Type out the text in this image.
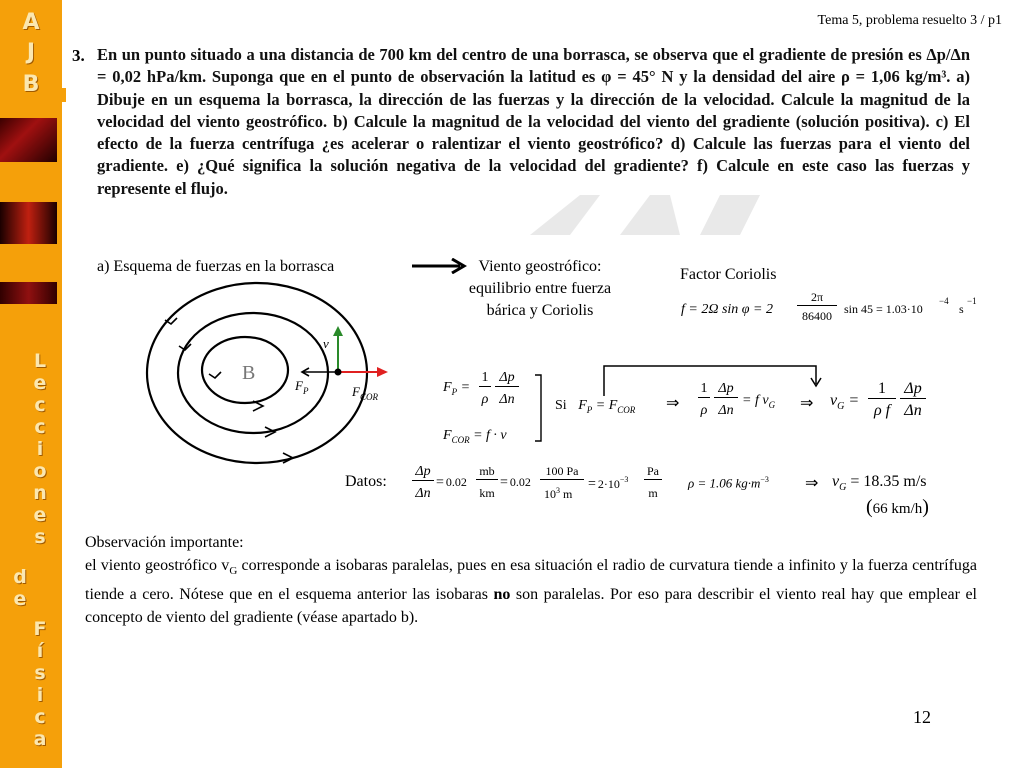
A
J
B
L
e
c
c
i
o
n
e
s
d
e
F
í
s
i
c
a
Tema 5, problema resuelto 3 / p1
3. En un punto situado a una distancia de 700 km del centro de una borrasca, se observa que el gradiente de presión es Δp/Δn = 0,02 hPa/km. Suponga que en el punto de observación la latitud es φ = 45° N y la densidad del aire ρ = 1,06 kg/m³. a) Dibuje en un esquema la borrasca, la dirección de las fuerzas y la dirección de la velocidad. Calcule la magnitud de la velocidad del viento geostrófico. b) Calcule la magnitud de la velocidad del viento del gradiente (solución positiva). c) El efecto de la fuerza centrífuga ¿es acelerar o ralentizar el viento geostrófico? d) Calcule las fuerzas para el viento del gradiente. e) ¿Qué significa la solución negativa de la velocidad del gradiente? f) Calcule en este caso las fuerzas y represente el flujo.
a) Esquema de fuerzas en la borrasca	Viento geostrófico:
equilibrio entre fuerza
bárica y Coriolis
B
v
$F_P$	$F_{COR}$
Factor Coriolis
f = 2Ω sin φ = 2
2π
86400	sin 45 = 1.03·10
−4
s
−1
$F_P$ =
1
ρ
Δp
Δn
$F_{COR} = f \cdot v$
Si $F_P = F_{COR}$ ⇒
1
ρ
Δp
Δn
= f $v_G$ ⇒ $v_G$ =
1
ρ f
Δp
Δn
Datos:
Δp
Δn
= 0.02
mb
km
= 0.02
100 Pa
$10^3$ m
= $2\cdot 10^{-3}$
Pa
m
ρ = 1.06 $kg\cdot m^{-3}$ ⇒ $v_G = 18.35$ m/s
(66 km/h)
Observación importante:
el viento geostrófico $v_G$ corresponde a isobaras paralelas, pues en esa situación el radio de curvatura tiende a infinito y la fuerza centrífuga tiende a cero. Nótese que en el esquema anterior las isobaras no son paralelas. Por eso para describir el viento real hay que emplear el concepto de viento del gradiente (véase apartado b).
12
